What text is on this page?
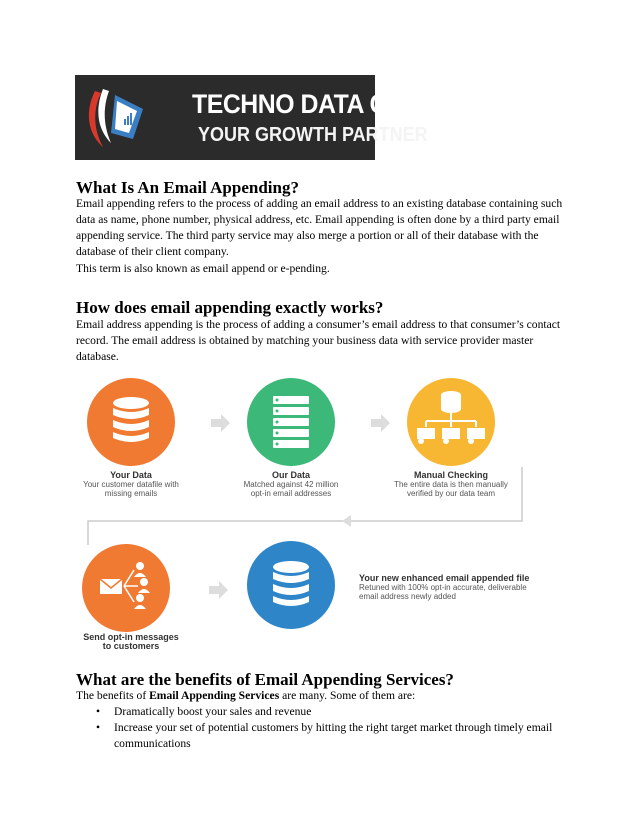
TECHNO DATA GROUP
YOUR GROWTH PARTNER
What Is An Email Appending?

Email appending refers to the process of adding an email address to an existing database containing such data as name, phone number, physical address, etc. Email appending is often done by a third party email appending service. The third party service may also merge a portion or all of their database with the database of their client company.

This term is also known as email append or e-pending.

How does email appending exactly works?

Email address appending is the process of adding a consumer’s email address to that consumer’s contact record. The email address is obtained by matching your business data with service provider master database.

Your Data
Your customer datafile with missing emails
Our Data
Matched against 42 million opt-in email addresses
Manual Checking
The entire data is then manually verified by our data team
Send opt-in messages to customers
Your new enhanced email appended file
Retuned with 100% opt-in accurate, deliverable email address newly added
What are the benefits of Email Appending Services?

The benefits of Email Appending Services are many. Some of them are:

• Dramatically boost your sales and revenue
• Increase your set of potential customers by hitting the right target market through timely email communications
